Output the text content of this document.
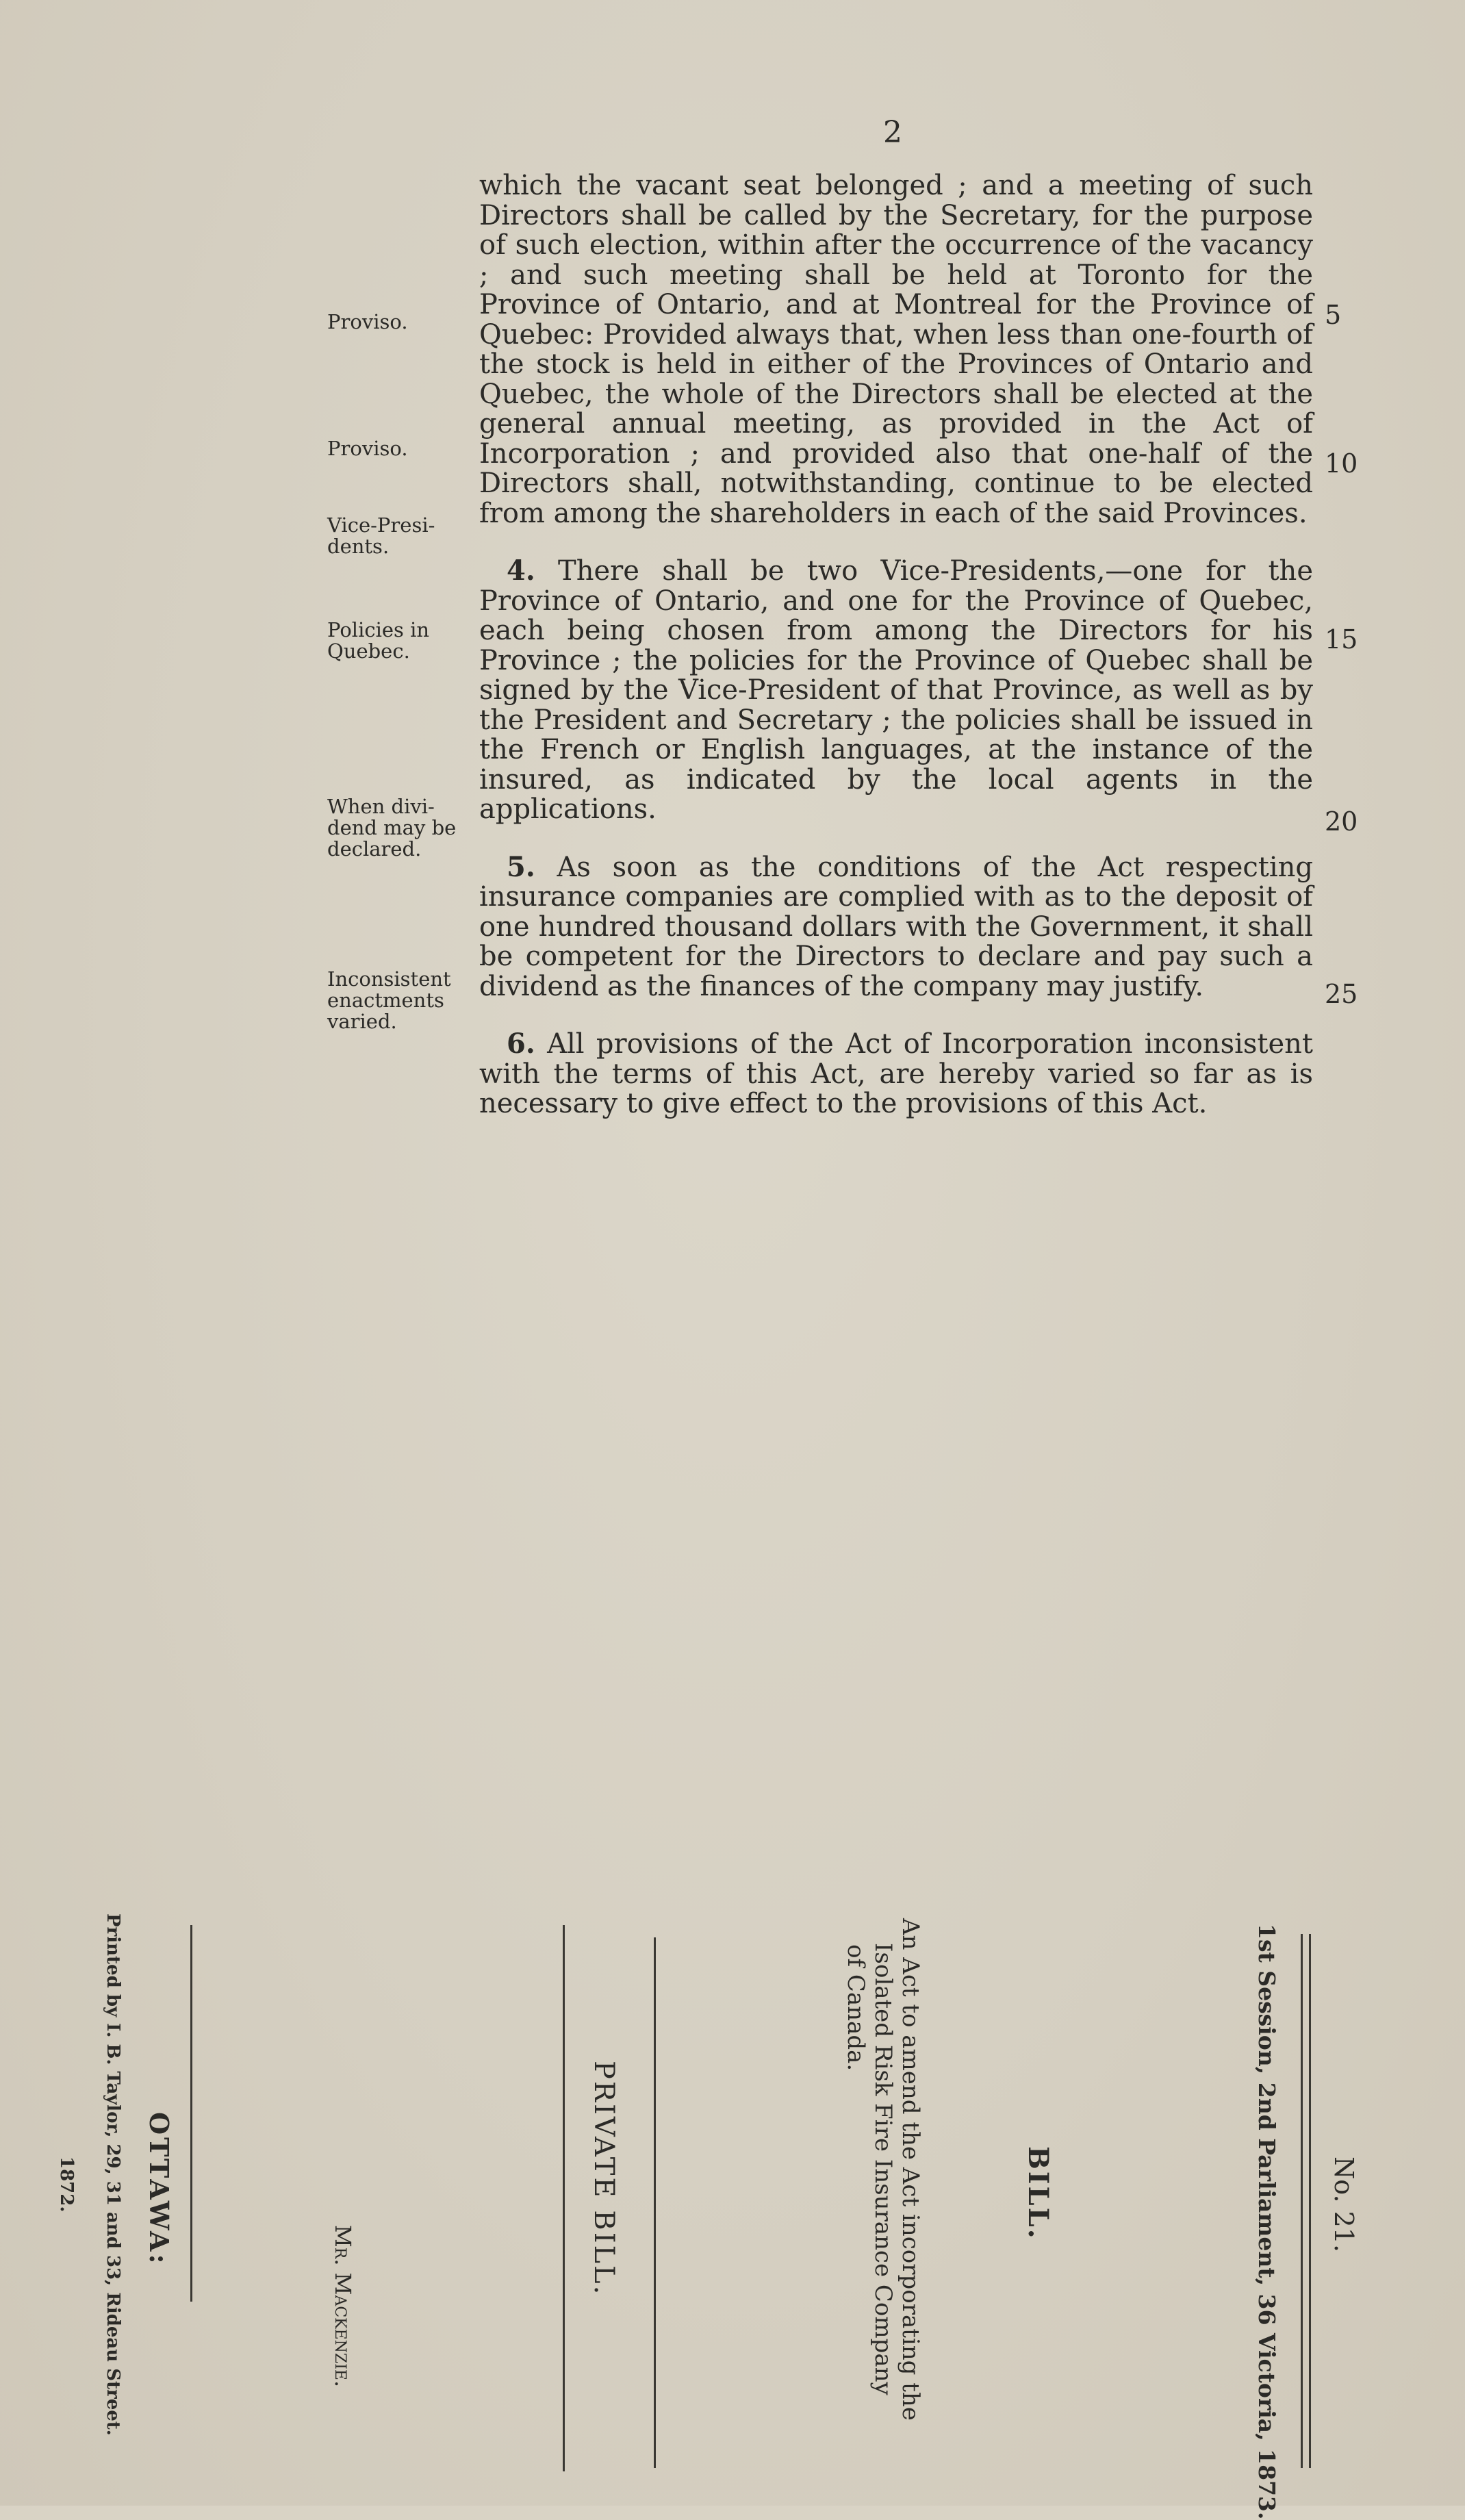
2
Proviso.
Proviso.
Vice-Presi-
dents.
Policies in
Quebec.
When divi-
dend may be
declared.
Inconsistent
enactments
varied.

which the vacant seat belonged ; and a meeting of such Directors shall be called by the Secretary, for the purpose of such election, within after the occurrence of the vacancy ; and such meeting shall be held at Toronto for the Province of Ontario, and at Montreal for the Province of Quebec: Provided always that, when less than one-fourth of the stock is held in either of the Provinces of Ontario and Quebec, the whole of the Directors shall be elected at the general annual meeting, as provided in the Act of Incorporation ; and provided also that one-half of the Directors shall, notwithstanding, continue to be elected from among the shareholders in each of the said Provinces.

4. There shall be two Vice-Presidents,—one for the Province of Ontario, and one for the Province of Quebec, each being chosen from among the Directors for his Province ; the policies for the Province of Quebec shall be signed by the Vice-President of that Province, as well as by the President and Secretary ; the policies shall be issued in the French or English languages, at the instance of the insured, as indicated by the local agents in the applications.

5. As soon as the conditions of the Act respecting insurance companies are complied with as to the deposit of one hundred thousand dollars with the Government, it shall be competent for the Directors to declare and pay such a dividend as the finances of the company may justify.

6. All provisions of the Act of Incorporation inconsistent with the terms of this Act, are hereby varied so far as is necessary to give effect to the provisions of this Act.

5
10
15
20
25
No. 21.
1st Session, 2nd Parliament, 36 Victoria, 1873.
BILL.
An Act to amend the Act incorporating the
Isolated Risk Fire Insurance Company
of Canada.
PRIVATE BILL.
Mr. Mackenzie.
OTTAWA:
Printed by I. B. Taylor, 29, 31 and 33, Rideau Street.
1872.
